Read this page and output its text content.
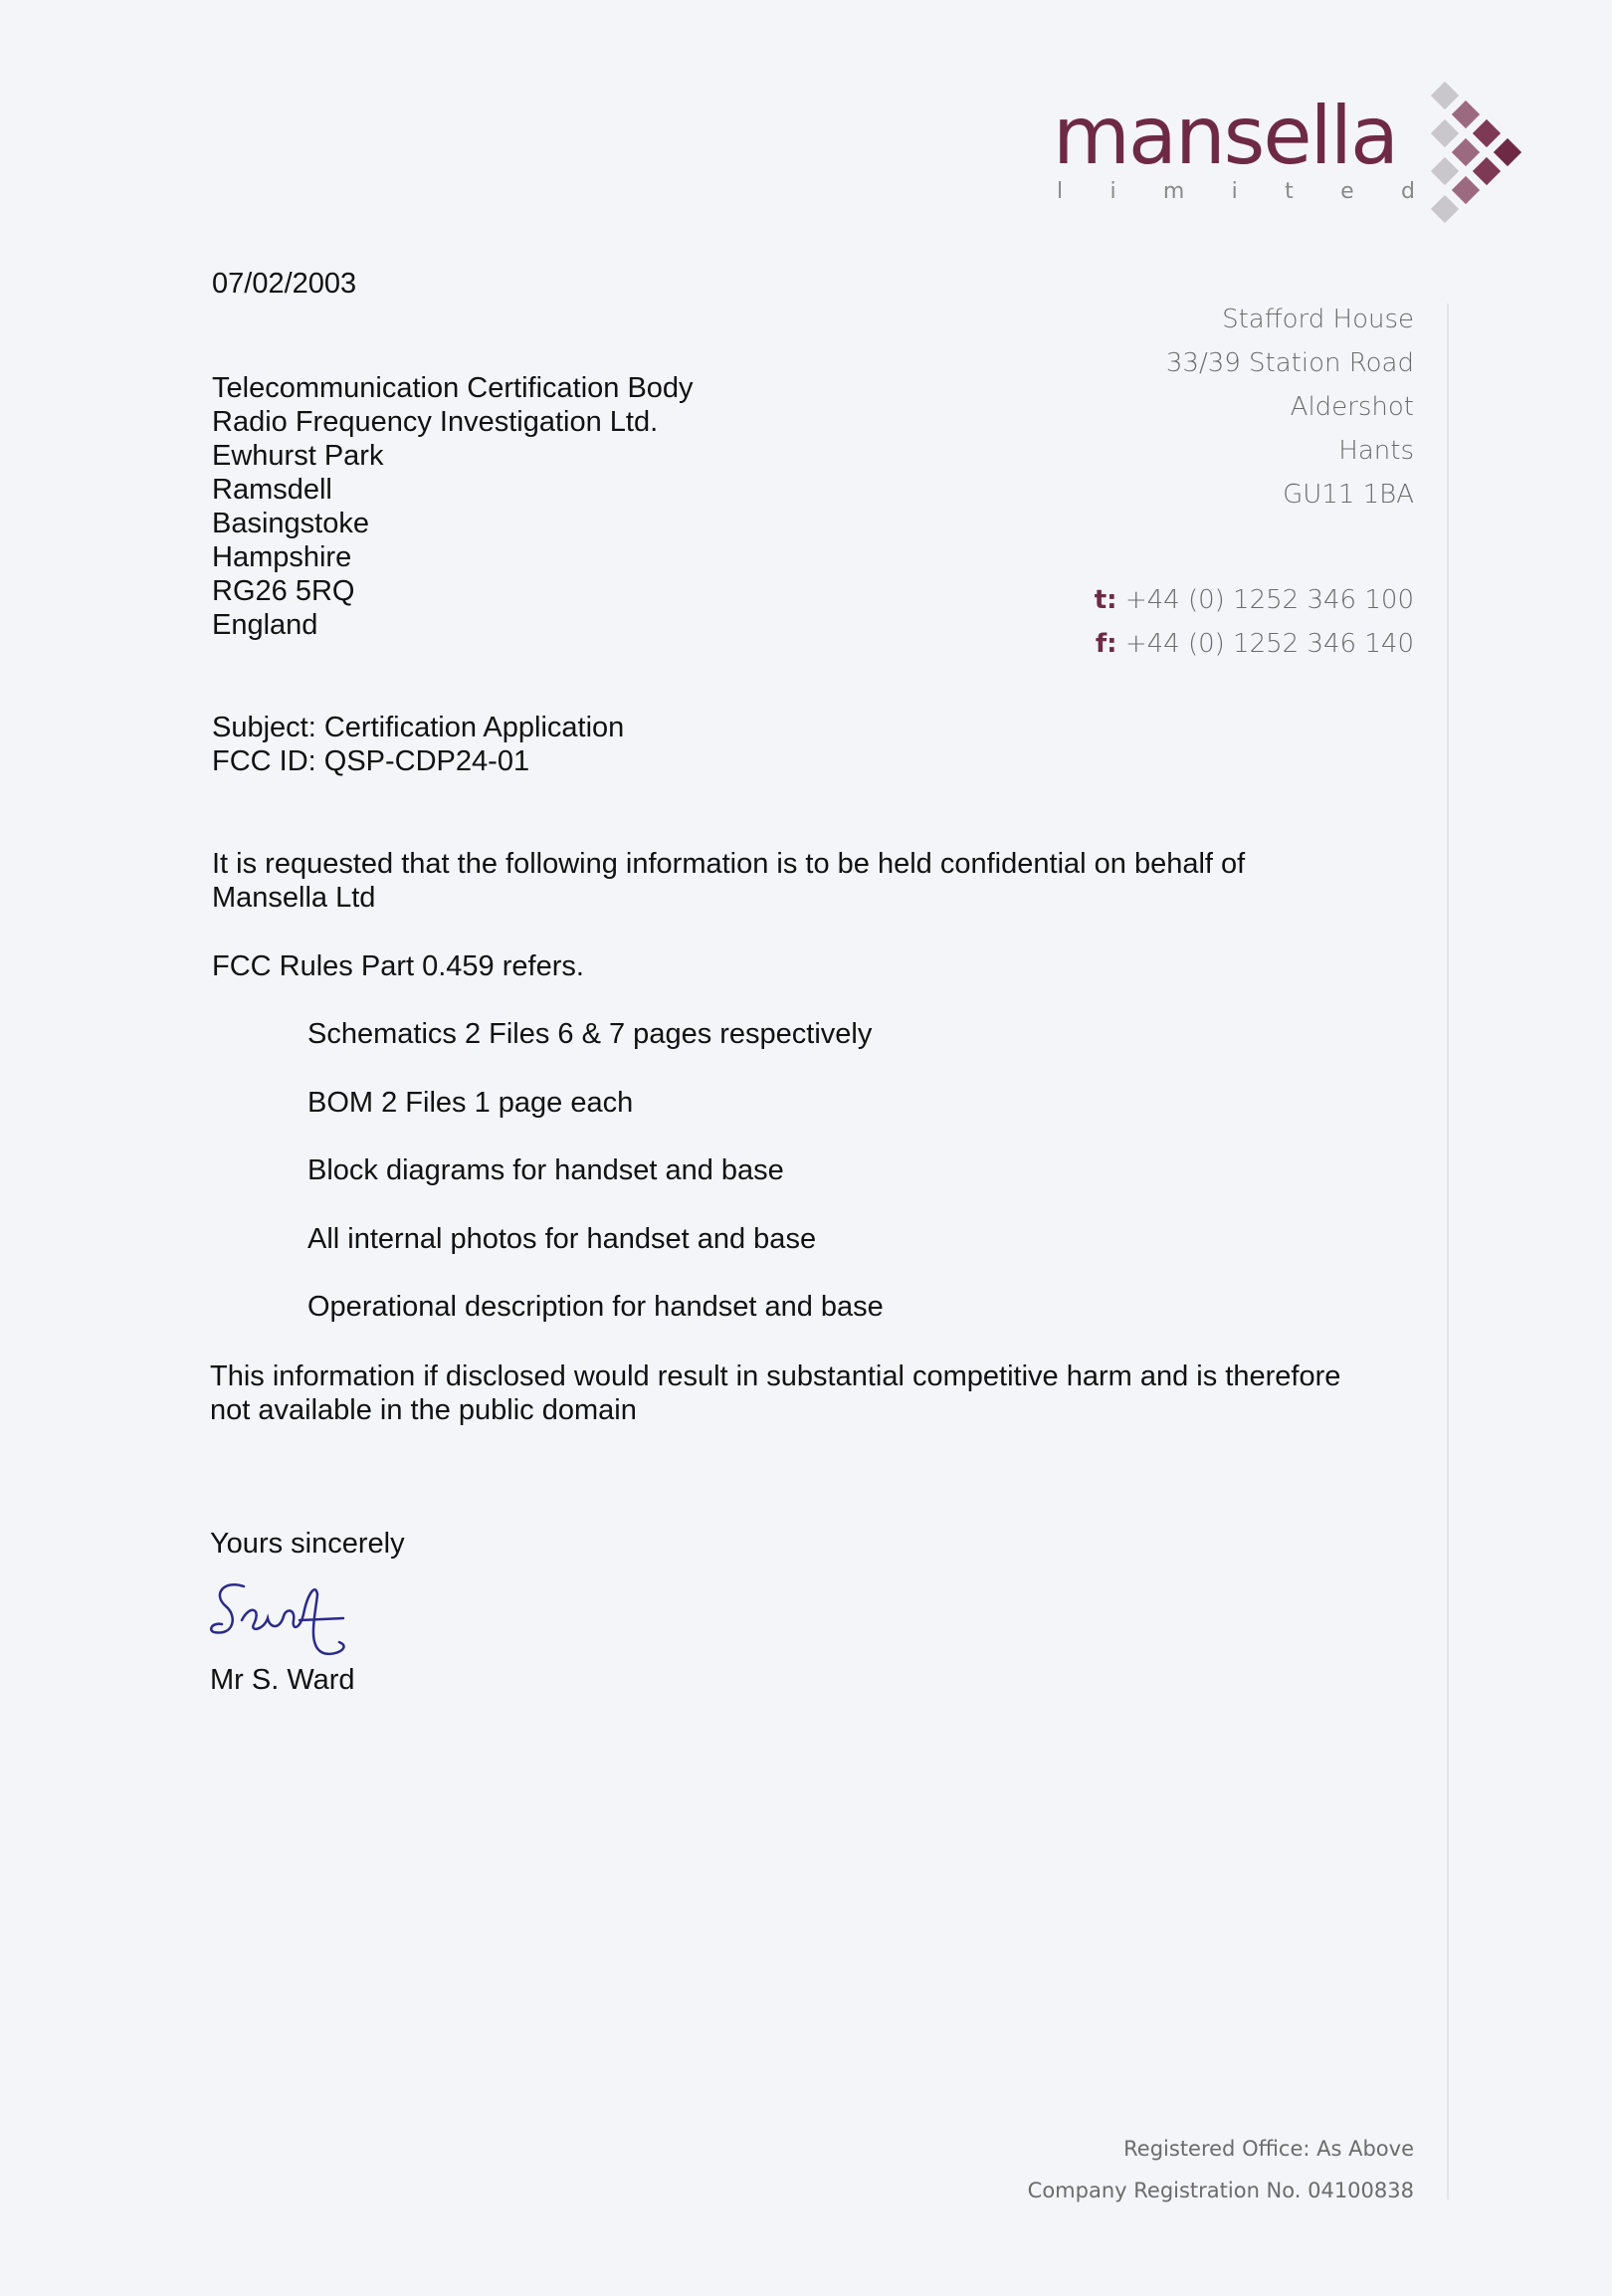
mansella
l i m i t e d
Stafford House
33/39 Station Road
Aldershot
Hants
GU11 1BA
t: +44 (0) 1252 346 100
f: +44 (0) 1252 346 140
07/02/2003
Telecommunication Certification Body
Radio Frequency Investigation Ltd.
Ewhurst Park
Ramsdell
Basingstoke
Hampshire
RG26 5RQ
England
Subject: Certification Application
FCC ID: QSP-CDP24-01
It is requested that the following information is to be held confidential on behalf of
Mansella Ltd
FCC Rules Part 0.459 refers.
Schematics 2 Files 6 & 7 pages respectively
BOM 2 Files 1 page each
Block diagrams for handset and base
All internal photos for handset and base
Operational description for handset and base
This information if disclosed would result in substantial competitive harm and is therefore
not available in the public domain
Yours sincerely
Mr S. Ward
Registered Office: As Above
Company Registration No. 04100838
